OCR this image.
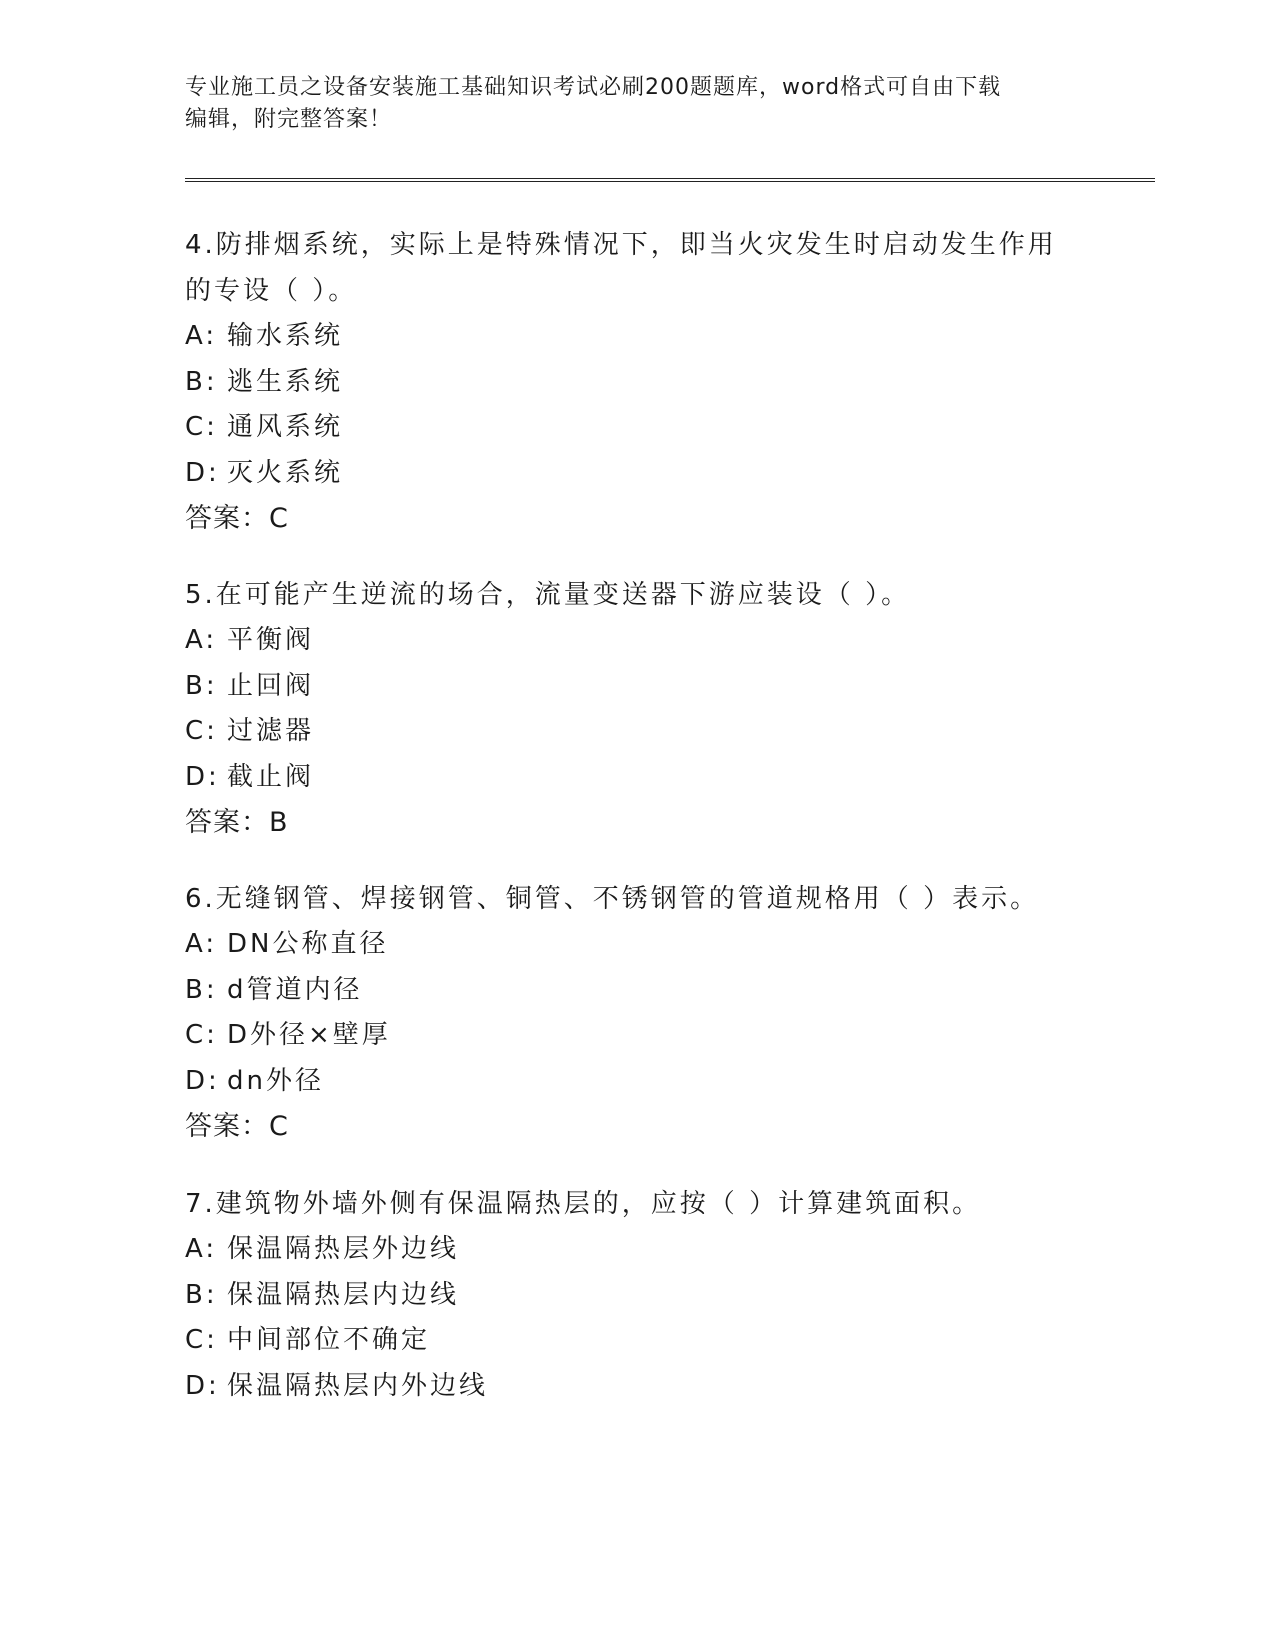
专业施工员之设备安装施工基础知识考试必刷200题题库，word格式可自由下载
编辑，附完整答案！

4.防排烟系统，实际上是特殊情况下，即当火灾发生时启动发生作用

的专设（ ）。

A: 输水系统

B: 逃生系统

C: 通风系统

D: 灭火系统

答案：C

5.在可能产生逆流的场合，流量变送器下游应装设（ ）。

A: 平衡阀

B: 止回阀

C: 过滤器

D: 截止阀

答案：B

6.无缝钢管、焊接钢管、铜管、不锈钢管的管道规格用（ ）表示。

A: DN公称直径

B: d管道内径

C: D外径×壁厚

D: dn外径

答案：C

7.建筑物外墙外侧有保温隔热层的，应按（ ）计算建筑面积。

A: 保温隔热层外边线

B: 保温隔热层内边线

C: 中间部位不确定

D: 保温隔热层内外边线
